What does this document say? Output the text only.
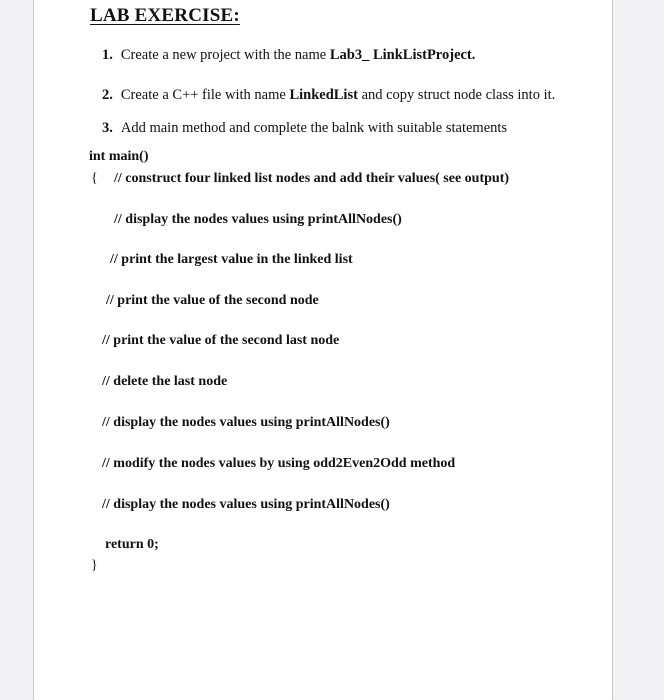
LAB EXERCISE:
1. Create a new project with the name Lab3_ LinkListProject.
2. Create a C++ file with name LinkedList and copy struct node class into it.
3. Add main method and complete the balnk with suitable statements
int main()
{ // construct four linked list nodes and add their values( see output)
// display the nodes values using printAllNodes()
// print the largest value in the linked list
// print the value of the second node
// print the value of the second last node
// delete the last node
// display the nodes values using printAllNodes()
// modify the nodes values by using odd2Even2Odd method
// display the nodes values using printAllNodes()
return 0;
}
